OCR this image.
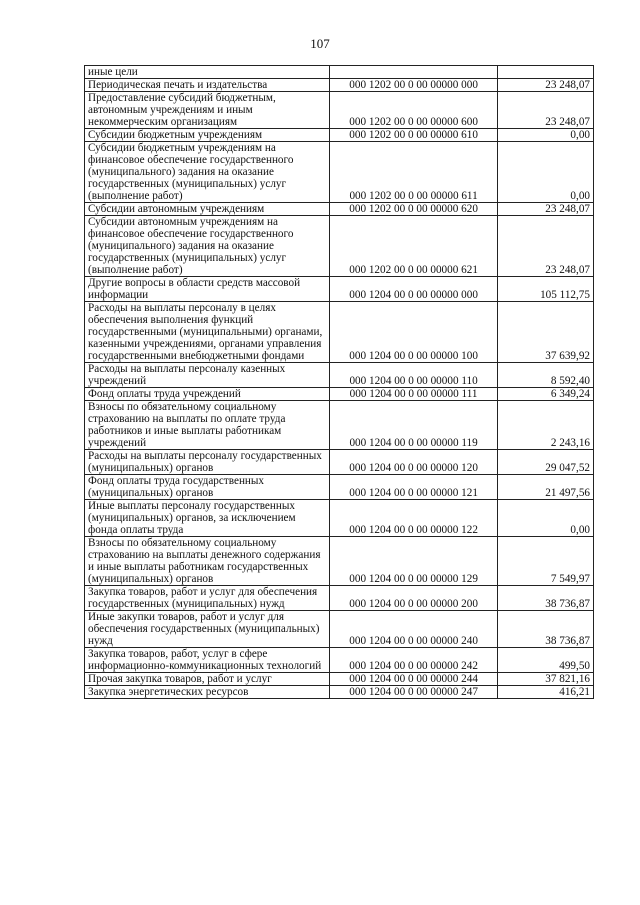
107
иные цели		
Периодическая печать и издательства	000 1202 00 0 00 00000 000	23 248,07
Предоставление субсидий бюджетным, автономным учреждениям и иным некоммерческим организациям	000 1202 00 0 00 00000 600	23 248,07
Субсидии бюджетным учреждениям	000 1202 00 0 00 00000 610	0,00
Субсидии бюджетным учреждениям на финансовое обеспечение государственного (муниципального) задания на оказание государственных (муниципальных) услуг (выполнение работ)	000 1202 00 0 00 00000 611	0,00
Субсидии автономным учреждениям	000 1202 00 0 00 00000 620	23 248,07
Субсидии автономным учреждениям на финансовое обеспечение государственного (муниципального) задания на оказание государственных (муниципальных) услуг (выполнение работ)	000 1202 00 0 00 00000 621	23 248,07
Другие вопросы в области средств массовой информации	000 1204 00 0 00 00000 000	105 112,75
Расходы на выплаты персоналу в целях обеспечения выполнения функций государственными (муниципальными) органами, казенными учреждениями, органами управления государственными внебюджетными фондами	000 1204 00 0 00 00000 100	37 639,92
Расходы на выплаты персоналу казенных учреждений	000 1204 00 0 00 00000 110	8 592,40
Фонд оплаты труда учреждений	000 1204 00 0 00 00000 111	6 349,24
Взносы по обязательному социальному страхованию на выплаты по оплате труда работников и иные выплаты работникам учреждений	000 1204 00 0 00 00000 119	2 243,16
Расходы на выплаты персоналу государственных (муниципальных) органов	000 1204 00 0 00 00000 120	29 047,52
Фонд оплаты труда государственных (муниципальных) органов	000 1204 00 0 00 00000 121	21 497,56
Иные выплаты персоналу государственных (муниципальных) органов, за исключением фонда оплаты труда	000 1204 00 0 00 00000 122	0,00
Взносы по обязательному социальному страхованию на выплаты денежного содержания и иные выплаты работникам государственных (муниципальных) органов	000 1204 00 0 00 00000 129	7 549,97
Закупка товаров, работ и услуг для обеспечения государственных (муниципальных) нужд	000 1204 00 0 00 00000 200	38 736,87
Иные закупки товаров, работ и услуг для обеспечения государственных (муниципальных) нужд	000 1204 00 0 00 00000 240	38 736,87
Закупка товаров, работ, услуг в сфере информационно-коммуникационных технологий	000 1204 00 0 00 00000 242	499,50
Прочая закупка товаров, работ и услуг	000 1204 00 0 00 00000 244	37 821,16
Закупка энергетических ресурсов	000 1204 00 0 00 00000 247	416,21
